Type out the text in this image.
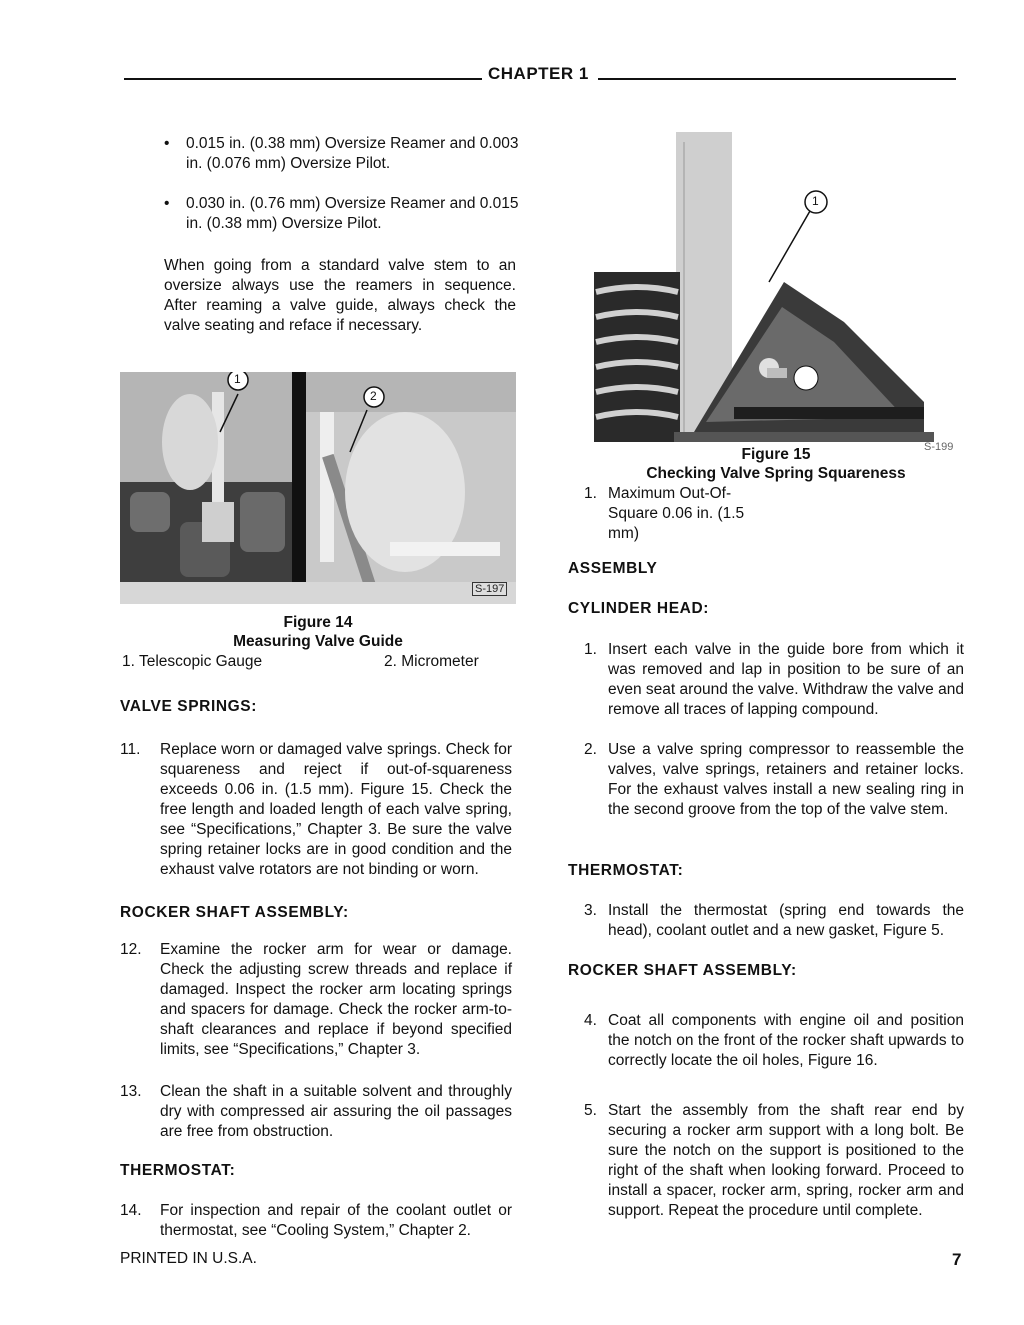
CHAPTER 1
• 0.015 in. (0.38 mm) Oversize Reamer and 0.003 in. (0.076 mm) Oversize Pilot.
• 0.030 in. (0.76 mm) Oversize Reamer and 0.015 in. (0.38 mm) Oversize Pilot.
When going from a standard valve stem to an oversize always use the reamers in sequence. After reaming a valve guide, always check the valve seating and reface if necessary.
1
2
S-197
Figure 14
Measuring Valve Guide
1. Telescopic Gauge	2. Micrometer
VALVE SPRINGS:
11. Replace worn or damaged valve springs. Check for squareness and reject if out-of-squareness exceeds 0.06 in. (1.5 mm). Figure 15. Check the free length and loaded length of each valve spring, see “Specifications,” Chapter 3. Be sure the valve spring retainer locks are in good condition and the exhaust valve rotators are not binding or worn.
ROCKER SHAFT ASSEMBLY:
12. Examine the rocker arm for wear or damage. Check the adjusting screw threads and replace if damaged. Inspect the rocker arm locating springs and spacers for damage. Check the rocker arm-to-shaft clearances and replace if beyond specified limits, see “Specifications,” Chapter 3.
13. Clean the shaft in a suitable solvent and throughly dry with compressed air assuring the oil passages are free from obstruction.
THERMOSTAT:
14. For inspection and repair of the coolant outlet or thermostat, see “Cooling System,” Chapter 2.
1
S-199
Figure 15
Checking Valve Spring Squareness
1. Maximum Out-Of-Square 0.06 in. (1.5 mm)
ASSEMBLY
CYLINDER HEAD:
1. Insert each valve in the guide bore from which it was removed and lap in position to be sure of an even seat around the valve. Withdraw the valve and remove all traces of lapping compound.
2. Use a valve spring compressor to reassemble the valves, valve springs, retainers and retainer locks. For the exhaust valves install a new sealing ring in the second groove from the top of the valve stem.
THERMOSTAT:
3. Install the thermostat (spring end towards the head), coolant outlet and a new gasket, Figure 5.
ROCKER SHAFT ASSEMBLY:
4. Coat all components with engine oil and position the notch on the front of the rocker shaft upwards to correctly locate the oil holes, Figure 16.
5. Start the assembly from the shaft rear end by securing a rocker arm support with a long bolt. Be sure the notch on the support is positioned to the right of the shaft when looking forward. Proceed to install a spacer, rocker arm, spring, rocker arm and support. Repeat the procedure until complete.
PRINTED IN U.S.A.	7
